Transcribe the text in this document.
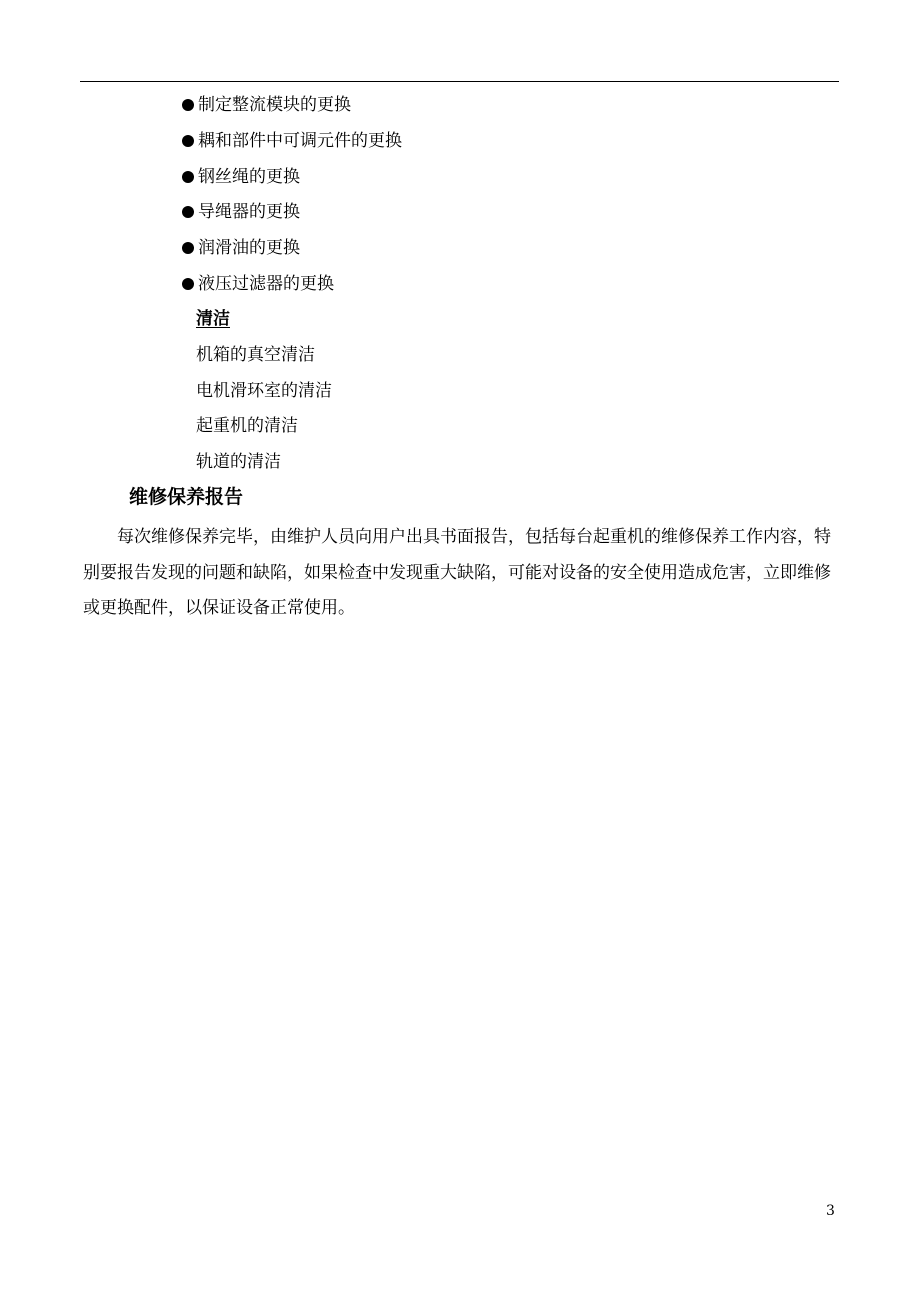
制定整流模块的更换
耦和部件中可调元件的更换
钢丝绳的更换
导绳器的更换
润滑油的更换
液压过滤器的更换
清洁
机箱的真空清洁
电机滑环室的清洁
起重机的清洁
轨道的清洁
维修保养报告

每次维修保养完毕，由维护人员向用户出具书面报告，包括每台起重机的维修保养工作内容，特别要报告发现的问题和缺陷，如果检查中发现重大缺陷，可能对设备的安全使用造成危害，立即维修或更换配件，以保证设备正常使用。

3
